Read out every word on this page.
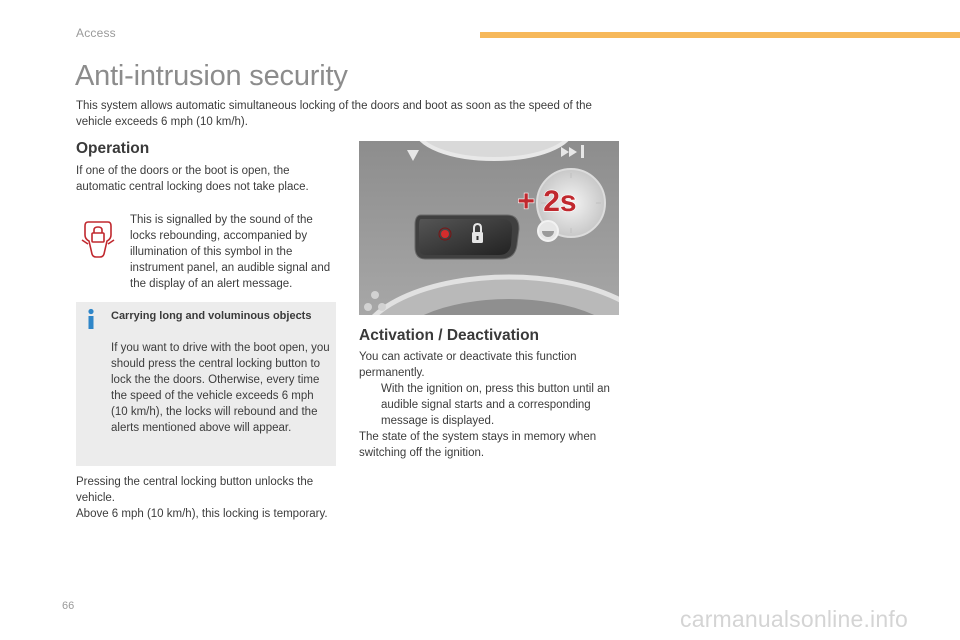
Access
Anti-intrusion security
This system allows automatic simultaneous locking of the doors and boot as soon as the speed of the vehicle exceeds 6 mph (10 km/h).
Operation
If one of the doors or the boot is open, the automatic central locking does not take place.
This is signalled by the sound of the locks rebounding, accompanied by illumination of this symbol in the instrument panel, an audible signal and the display of an alert message.
Carrying long and voluminous objects
If you want to drive with the boot open, you should press the central locking button to lock the the doors. Otherwise, every time the speed of the vehicle exceeds 6 mph (10 km/h), the locks will rebound and the alerts mentioned above will appear.
Pressing the central locking button unlocks the vehicle.
Above 6 mph (10 km/h), this locking is temporary.
+ 2s
Activation / Deactivation
You can activate or deactivate this function permanently.
With the ignition on, press this button until an audible signal starts and a corresponding message is displayed.
The state of the system stays in memory when switching off the ignition.
66	carmanualsonline.info
